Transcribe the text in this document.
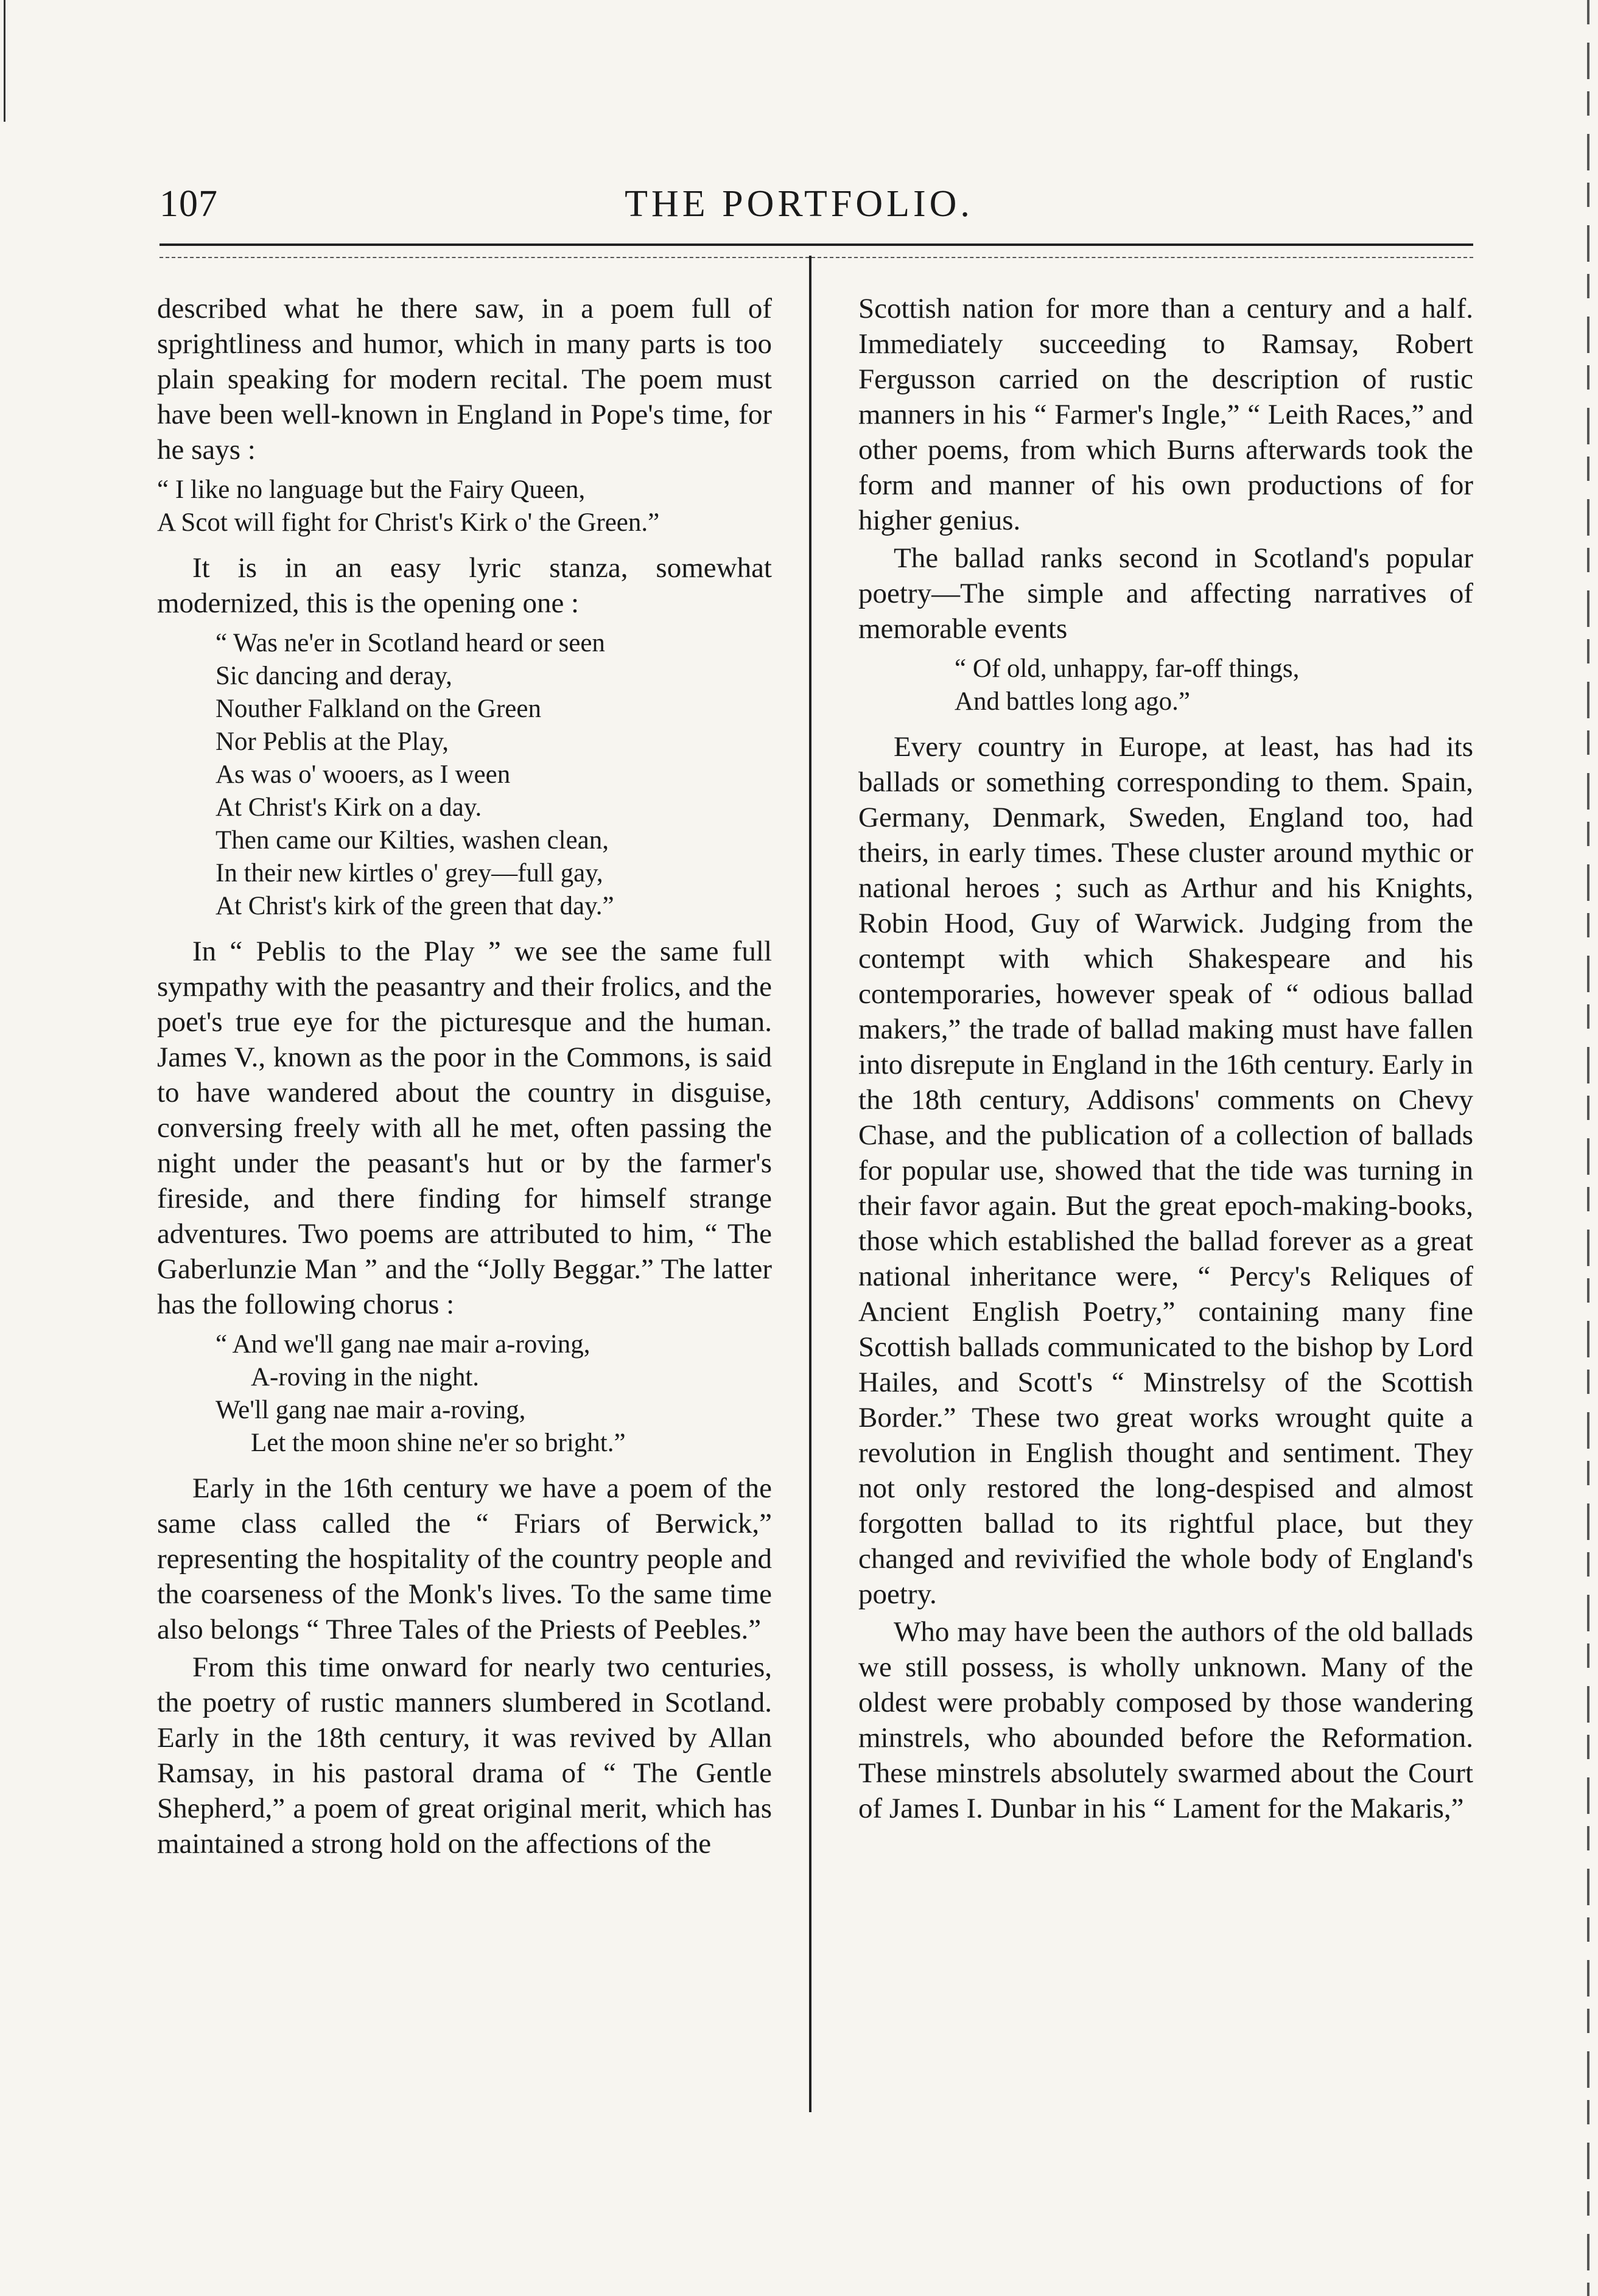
107	THE PORTFOLIO.

described what he there saw, in a poem full of sprightliness and humor, which in many parts is too plain speaking for modern recital. The poem must have been well-known in England in Pope's time, for he says :

“ I like no language but the Fairy Queen,
A Scot will fight for Christ's Kirk o' the Green.”

It is in an easy lyric stanza, somewhat modernized, this is the opening one :

“ Was ne'er in Scotland heard or seen
Sic dancing and deray,
Nouther Falkland on the Green
Nor Peblis at the Play,
As was o' wooers, as I ween
At Christ's Kirk on a day.
Then came our Kilties, washen clean,
In their new kirtles o' grey—full gay,
At Christ's kirk of the green that day.”

In “ Peblis to the Play ” we see the same full sympathy with the peasantry and their frolics, and the poet's true eye for the picturesque and the human. James V., known as the poor in the Commons, is said to have wandered about the country in disguise, conversing freely with all he met, often passing the night under the peasant's hut or by the farmer's fireside, and there finding for himself strange adventures. Two poems are attributed to him, “ The Gaberlunzie Man ” and the “Jolly Beggar.” The latter has the following chorus :

“ And we'll gang nae mair a-roving,
A-roving in the night.
We'll gang nae mair a-roving,
Let the moon shine ne'er so bright.”

Early in the 16th century we have a poem of the same class called the “ Friars of Berwick,” representing the hospitality of the country people and the coarseness of the Monk's lives. To the same time also belongs “ Three Tales of the Priests of Peebles.”

From this time onward for nearly two centuries, the poetry of rustic manners slumbered in Scotland. Early in the 18th century, it was revived by Allan Ramsay, in his pastoral drama of “ The Gentle Shepherd,” a poem of great original merit, which has maintained a strong hold on the affections of the

Scottish nation for more than a century and a half. Immediately succeeding to Ramsay, Robert Fergusson carried on the description of rustic manners in his “ Farmer's Ingle,” “ Leith Races,” and other poems, from which Burns afterwards took the form and manner of his own productions of for higher genius.

The ballad ranks second in Scotland's popular poetry—The simple and affecting narratives of memorable events

“ Of old, unhappy, far-off things,
And battles long ago.”

Every country in Europe, at least, has had its ballads or something corresponding to them. Spain, Germany, Denmark, Sweden, England too, had theirs, in early times. These cluster around mythic or national heroes ; such as Arthur and his Knights, Robin Hood, Guy of Warwick. Judging from the contempt with which Shakespeare and his contemporaries, however speak of “ odious ballad makers,” the trade of ballad making must have fallen into disrepute in England in the 16th century. Early in the 18th century, Addisons' comments on Chevy Chase, and the publication of a collection of ballads for popular use, showed that the tide was turning in their favor again. But the great epoch-making-books, those which established the ballad forever as a great national inheritance were, “ Percy's Reliques of Ancient English Poetry,” containing many fine Scottish ballads communicated to the bishop by Lord Hailes, and Scott's “ Minstrelsy of the Scottish Border.” These two great works wrought quite a revolution in English thought and sentiment. They not only restored the long-despised and almost forgotten ballad to its rightful place, but they changed and revivified the whole body of England's poetry.

Who may have been the authors of the old ballads we still possess, is wholly unknown. Many of the oldest were probably composed by those wandering minstrels, who abounded before the Reformation. These minstrels absolutely swarmed about the Court of James I. Dunbar in his “ Lament for the Makaris,”
